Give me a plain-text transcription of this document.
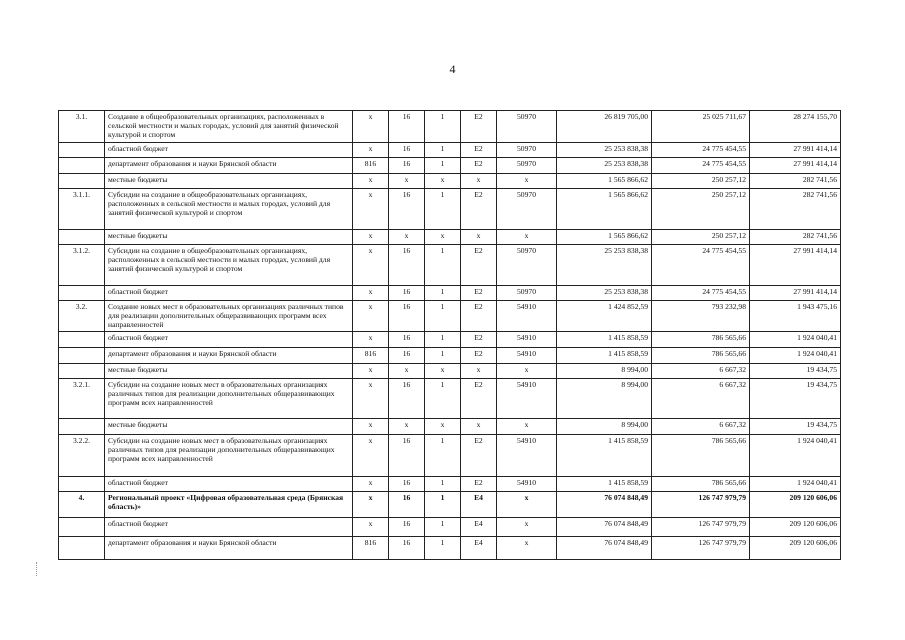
4
3.1.	Создание в общеобразовательных организациях, расположенных в сельской местности и малых городах, условий для занятий физической культурой и спортом	х	16	1	Е2	50970	26 819 705,00	25 025 711,67	28 274 155,70
	областной бюджет	х	16	1	Е2	50970	25 253 838,38	24 775 454,55	27 991 414,14
	департамент образования и науки Брянской области	816	16	1	Е2	50970	25 253 838,38	24 775 454,55	27 991 414,14
	местные бюджеты	х	х	х	х	х	1 565 866,62	250 257,12	282 741,56
3.1.1.	Субсидии на создание в общеобразовательных организациях, расположенных в сельской местности и малых городах, условий для занятий физической культурой и спортом	х	16	1	Е2	50970	1 565 866,62	250 257,12	282 741,56
	местные бюджеты	х	х	х	х	х	1 565 866,62	250 257,12	282 741,56
3.1.2.	Субсидии на создание в общеобразовательных организациях, расположенных в сельской местности и малых городах, условий для занятий физической культурой и спортом	х	16	1	Е2	50970	25 253 838,38	24 775 454,55	27 991 414,14
	областной бюджет	х	16	1	Е2	50970	25 253 838,38	24 775 454,55	27 991 414,14
3.2.	Создание новых мест в образовательных организациях различных типов для реализации дополнительных общеразвивающих программ всех направленностей	х	16	1	Е2	54910	1 424 852,59	793 232,98	1 943 475,16
	областной бюджет	х	16	1	Е2	54910	1 415 858,59	786 565,66	1 924 040,41
	департамент образования и науки Брянской области	816	16	1	Е2	54910	1 415 858,59	786 565,66	1 924 040,41
	местные бюджеты	х	х	х	х	х	8 994,00	6 667,32	19 434,75
3.2.1.	Субсидии на создание новых мест в образовательных организациях различных типов для реализации дополнительных общеразвивающих программ всех направленностей	х	16	1	Е2	54910	8 994,00	6 667,32	19 434,75
	местные бюджеты	х	х	х	х	х	8 994,00	6 667,32	19 434,75
3.2.2.	Субсидии на создание новых мест в образовательных организациях различных типов для реализации дополнительных общеразвивающих программ всех направленностей	х	16	1	Е2	54910	1 415 858,59	786 565,66	1 924 040,41
	областной бюджет	х	16	1	Е2	54910	1 415 858,59	786 565,66	1 924 040,41
4.	Региональный проект «Цифровая образовательная среда (Брянская область)»	х	16	1	Е4	х	76 074 848,49	126 747 979,79	209 120 606,06
	областной бюджет	х	16	1	Е4	х	76 074 848,49	126 747 979,79	209 120 606,06
	департамент образования и науки Брянской области	816	16	1	Е4	х	76 074 848,49	126 747 979,79	209 120 606,06
